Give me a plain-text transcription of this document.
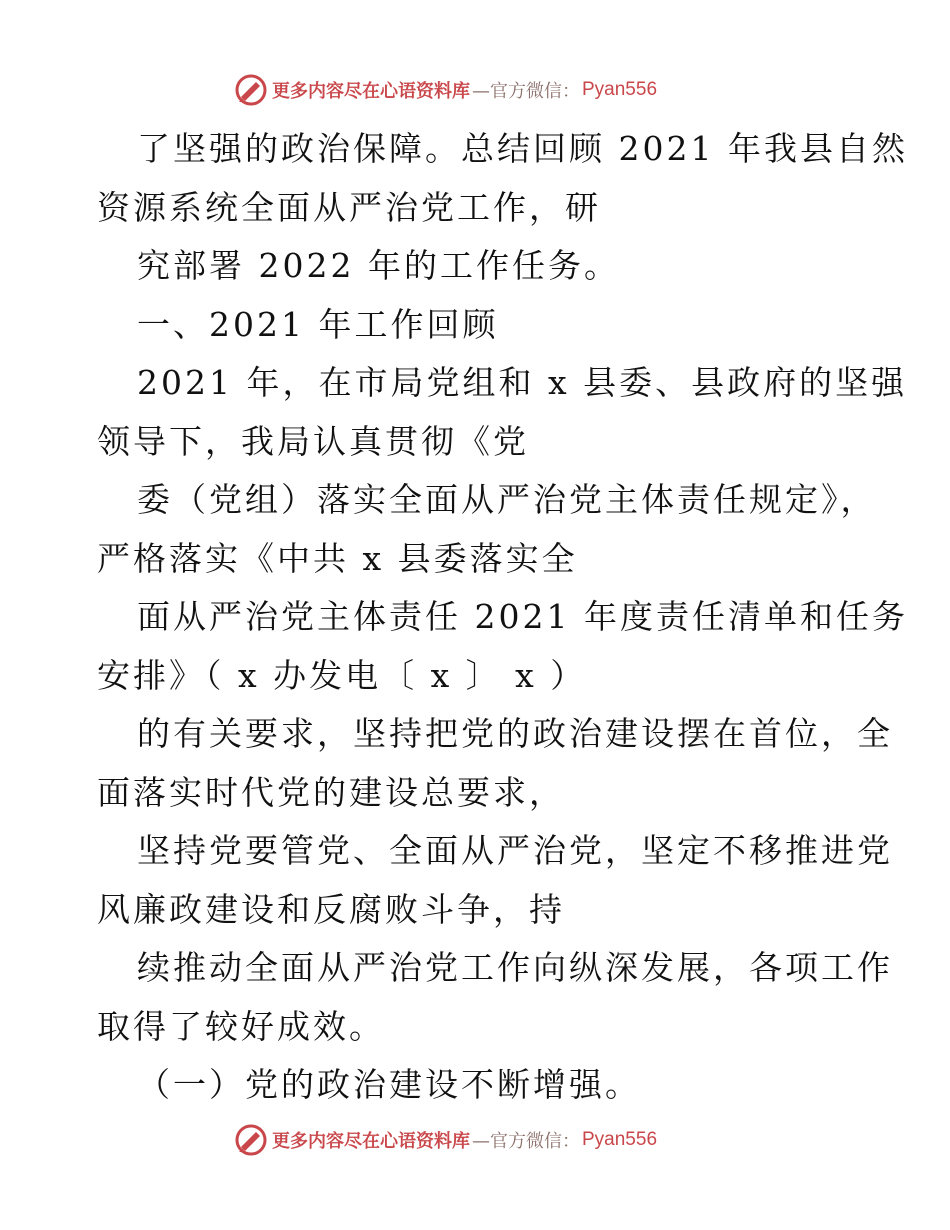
更多内容尽在心语资料库 —官方微信： Pyan556
了坚强的政治保障。总结回顾 2021 年我县自然
资源系统全面从严治党工作，研
究部署 2022 年的工作任务。
一、2021 年工作回顾
2021 年，在市局党组和 x 县委、县政府的坚强
领导下，我局认真贯彻《党
委（党组）落实全面从严治党主体责任规定》，
严格落实《中共 x 县委落实全
面从严治党主体责任 2021 年度责任清单和任务
安排》（ x 办发电〔 x 〕 x ）
的有关要求，坚持把党的政治建设摆在首位，全
面落实时代党的建设总要求，
坚持党要管党、全面从严治党，坚定不移推进党
风廉政建设和反腐败斗争，持
续推动全面从严治党工作向纵深发展，各项工作
取得了较好成效。
（一）党的政治建设不断增强。
更多内容尽在心语资料库 —官方微信： Pyan556
